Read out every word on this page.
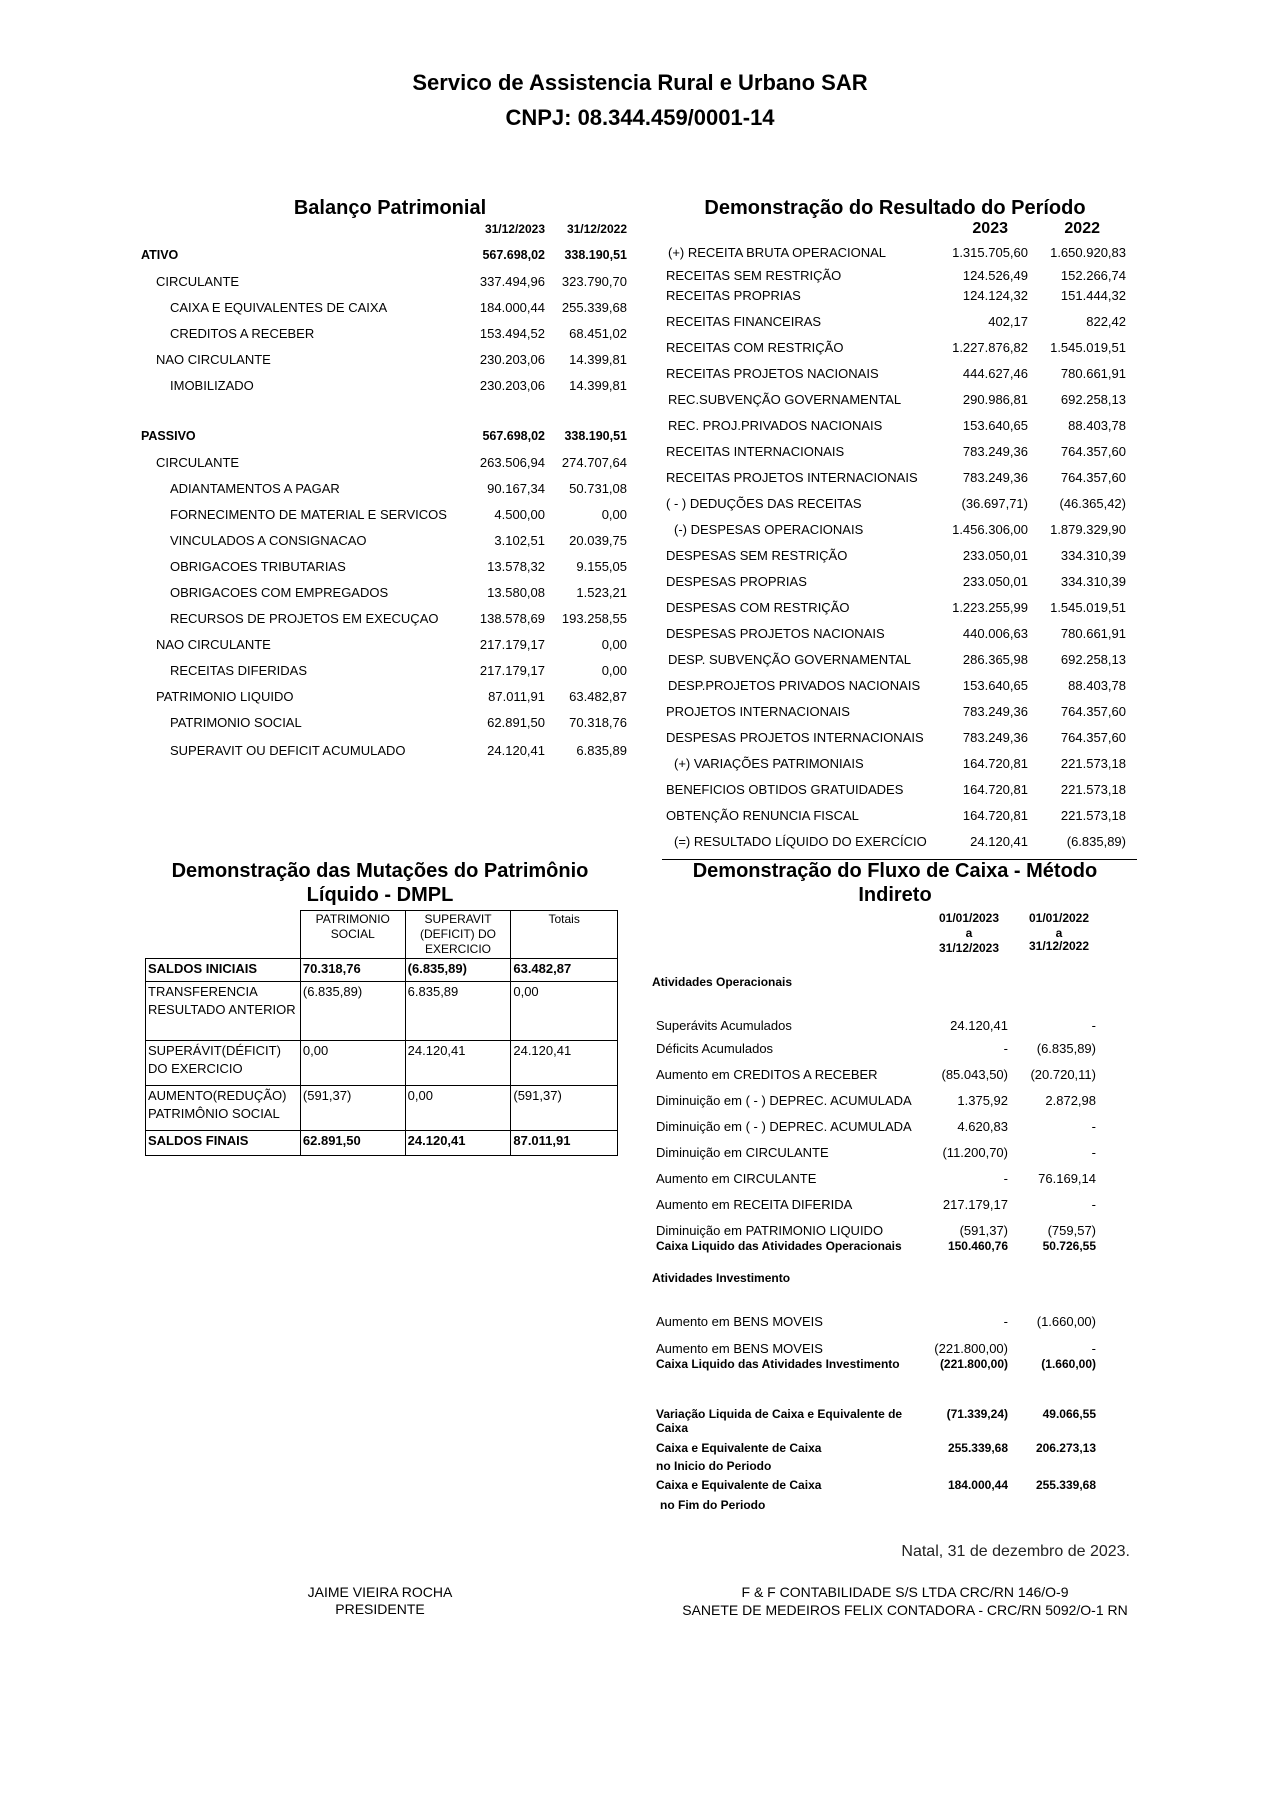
Servico de Assistencia Rural e Urbano SAR
CNPJ: 08.344.459/0001-14
Balanço Patrimonial
31/12/2023	31/12/2022
ATIVO	567.698,02	338.190,51
CIRCULANTE	337.494,96	323.790,70
CAIXA E EQUIVALENTES DE CAIXA	184.000,44	255.339,68
CREDITOS A RECEBER	153.494,52	68.451,02
NAO CIRCULANTE	230.203,06	14.399,81
IMOBILIZADO	230.203,06	14.399,81
PASSIVO	567.698,02	338.190,51
CIRCULANTE	263.506,94	274.707,64
ADIANTAMENTOS A PAGAR	90.167,34	50.731,08
FORNECIMENTO DE MATERIAL E SERVICOS	4.500,00	0,00
VINCULADOS A CONSIGNACAO	3.102,51	20.039,75
OBRIGACOES TRIBUTARIAS	13.578,32	9.155,05
OBRIGACOES COM EMPREGADOS	13.580,08	1.523,21
RECURSOS DE PROJETOS EM EXECUÇAO	138.578,69	193.258,55
NAO CIRCULANTE	217.179,17	0,00
RECEITAS DIFERIDAS	217.179,17	0,00
PATRIMONIO LIQUIDO	87.011,91	63.482,87
PATRIMONIO SOCIAL	62.891,50	70.318,76
SUPERAVIT OU DEFICIT ACUMULADO	24.120,41	6.835,89
Demonstração do Resultado do Período
2023	2022
(+) RECEITA BRUTA OPERACIONAL	1.315.705,60	1.650.920,83
RECEITAS SEM RESTRIÇÃO	124.526,49	152.266,74
RECEITAS PROPRIAS	124.124,32	151.444,32
RECEITAS FINANCEIRAS	402,17	822,42
RECEITAS COM RESTRIÇÃO	1.227.876,82	1.545.019,51
RECEITAS PROJETOS NACIONAIS	444.627,46	780.661,91
REC.SUBVENÇÃO GOVERNAMENTAL	290.986,81	692.258,13
REC. PROJ.PRIVADOS NACIONAIS	153.640,65	88.403,78
RECEITAS INTERNACIONAIS	783.249,36	764.357,60
RECEITAS PROJETOS INTERNACIONAIS	783.249,36	764.357,60
( - ) DEDUÇÕES DAS RECEITAS	(36.697,71)	(46.365,42)
(-) DESPESAS OPERACIONAIS	1.456.306,00	1.879.329,90
DESPESAS SEM RESTRIÇÃO	233.050,01	334.310,39
DESPESAS PROPRIAS	233.050,01	334.310,39
DESPESAS COM RESTRIÇÃO	1.223.255,99	1.545.019,51
DESPESAS PROJETOS NACIONAIS	440.006,63	780.661,91
DESP. SUBVENÇÃO GOVERNAMENTAL	286.365,98	692.258,13
DESP.PROJETOS PRIVADOS NACIONAIS	153.640,65	88.403,78
PROJETOS INTERNACIONAIS	783.249,36	764.357,60
DESPESAS PROJETOS INTERNACIONAIS	783.249,36	764.357,60
(+) VARIAÇÕES PATRIMONIAIS	164.720,81	221.573,18
BENEFICIOS OBTIDOS GRATUIDADES	164.720,81	221.573,18
OBTENÇÃO RENUNCIA FISCAL	164.720,81	221.573,18
(=) RESULTADO LÍQUIDO DO EXERCÍCIO	24.120,41	(6.835,89)
Demonstração das Mutações do Patrimônio
Líquido - DMPL
	PATRIMONIO SOCIAL	SUPERAVIT (DEFICIT) DO EXERCICIO	Totais
SALDOS INICIAIS	70.318,76	(6.835,89)	63.482,87
TRANSFERENCIA RESULTADO ANTERIOR	(6.835,89)	6.835,89	0,00
SUPERÁVIT(DÉFICIT) DO EXERCICIO	0,00	24.120,41	24.120,41
AUMENTO(REDUÇÃO) PATRIMÔNIO SOCIAL	(591,37)	0,00	(591,37)
SALDOS FINAIS	62.891,50	24.120,41	87.011,91
Demonstração do Fluxo de Caixa - Método
Indireto
01/01/2023
a
31/12/2023
01/01/2022
a
31/12/2022
Atividades Operacionais
Superávits Acumulados	24.120,41	-
Déficits Acumulados	-	(6.835,89)
Aumento em CREDITOS A RECEBER	(85.043,50)	(20.720,11)
Diminuição em ( - ) DEPREC. ACUMULADA	1.375,92	2.872,98
Diminuição em ( - ) DEPREC. ACUMULADA	4.620,83	-
Diminuição em CIRCULANTE	(11.200,70)	-
Aumento em CIRCULANTE	-	76.169,14
Aumento em RECEITA DIFERIDA	217.179,17	-
Diminuição em PATRIMONIO LIQUIDO	(591,37)	(759,57)
Caixa Liquido das Atividades Operacionais	150.460,76	50.726,55
Atividades Investimento
Aumento em BENS MOVEIS	-	(1.660,00)
Aumento em BENS MOVEIS	(221.800,00)	-
Caixa Liquido das Atividades Investimento	(221.800,00)	(1.660,00)
Variação Liquida de Caixa e Equivalente de
Caixa
(71.339,24)	49.066,55
Caixa e Equivalente de Caixa
no Inicio do Periodo
255.339,68	206.273,13
Caixa e Equivalente de Caixa
no Fim do Periodo
184.000,44	255.339,68
Natal, 31 de dezembro de 2023.
JAIME VIEIRA ROCHA
PRESIDENTE
F & F CONTABILIDADE S/S LTDA CRC/RN 146/O-9
SANETE DE MEDEIROS FELIX CONTADORA - CRC/RN 5092/O-1 RN
